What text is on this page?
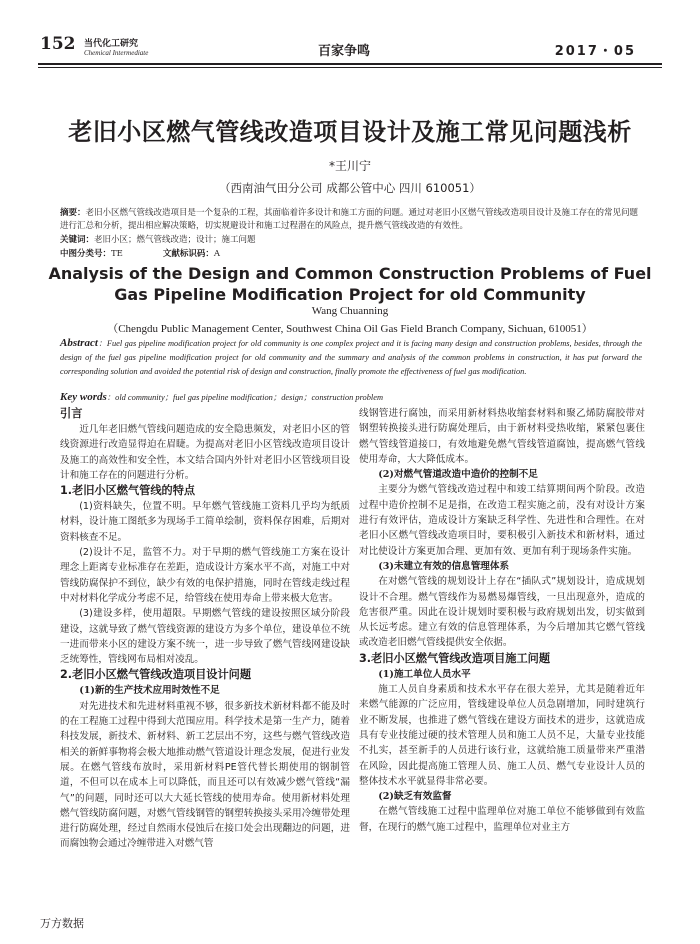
152 当代化工研究
Chemical Intermediate	百家争鸣	2017・05
老旧小区燃气管线改造项目设计及施工常见问题浅析
*王川宁
（西南油气田分公司 成都公管中心 四川 610051）
摘要：老旧小区燃气管线改造项目是一个复杂的工程，其面临着许多设计和施工方面的问题。通过对老旧小区燃气管线改造项目设计及施工存在的常见问题进行汇总和分析，提出相应解决策略，切实规避设计和施工过程潜在的风险点，提升燃气管线改造的有效性。
关键词：老旧小区；燃气管线改造；设计；施工问题
中图分类号：TE	文献标识码：A
Analysis of the Design and Common Construction Problems of Fuel Gas Pipeline Modification Project for old Community
Wang Chuanning
（Chengdu Public Management Center, Southwest China Oil Gas Field Branch Company, Sichuan, 610051）
Abstract：Fuel gas pipeline modification project for old community is one complex project and it is facing many design and construction problems, besides, through the design of the fuel gas pipeline modification project for old community and the summary and analysis of the common problems in construction, it has put forward the corresponding solution and avoided the potential risk of design and construction, finally promote the effectiveness of fuel gas modification.
Key words：old community；fuel gas pipeline modification；design；construction problem
引言

近几年老旧燃气管线问题造成的安全隐患频发，对老旧小区的管线资源进行改造显得迫在眉睫。为提高对老旧小区管线改造项目设计及施工的高效性和安全性，本文结合国内外针对老旧小区管线项目设计和施工存在的问题进行分析。

1.老旧小区燃气管线的特点

(1)资料缺失，位置不明。早年燃气管线施工资料几乎均为纸质材料，设计施工图纸多为现场手工简单绘制，资料保存困难，后期对资料核查不足。

(2)设计不足，监管不力。对于早期的燃气管线施工方案在设计理念上距离专业标准存在差距，造成设计方案水平不高，对施工中对管线防腐保护不到位，缺少有效的电保护措施，同时在管线走线过程中对材料化学成分考虑不足，给管线在使用寿命上带来极大危害。

(3)建设多样，使用超限。早期燃气管线的建设按照区域分阶段建设，这就导致了燃气管线资源的建设方为多个单位，建设单位不统一进而带来小区的建设方案不统一，进一步导致了燃气管线网建设缺乏统筹性，管线网布局相对凌乱。

2.老旧小区燃气管线改造项目设计问题
(1)新的生产技术应用时效性不足

对先进技术和先进材料重视不够，很多新技术新材料都不能及时的在工程施工过程中得到大范围应用。科学技术是第一生产力，随着科技发展，新技术、新材料、新工艺层出不穷，这些与燃气管线改造相关的新鲜事物将会极大地推动燃气管道设计理念发展，促进行业发展。在燃气管线布放时，采用新材料PE管代替长期使用的钢制管道，不但可以在成本上可以降低，而且还可以有效减少燃气管线“漏气”的问题，同时还可以大大延长管线的使用寿命。使用新材料处理燃气管线防腐问题，对燃气管线钢管的钢塑转换接头采用冷缠带处理进行防腐处理，经过自然雨水侵蚀后在接口处会出现翻边的问题，进而腐蚀物会通过冷缠带进入对燃气管

线钢管进行腐蚀，而采用新材料热收缩套材料和聚乙烯防腐胶带对钢塑转换接头进行防腐处理后，由于新材料受热收缩，紧紧包裹住燃气管线管道接口，有效地避免燃气管线管道腐蚀，提高燃气管线使用寿命，大大降低成本。

(2)对燃气管道改造中造价的控制不足

主要分为燃气管线改造过程中和竣工结算期间两个阶段。改造过程中造价控制不足是指，在改造工程实施之前，没有对设计方案进行有效评估，造成设计方案缺乏科学性、先进性和合理性。在对老旧小区燃气管线改造项目时，要积极引入新技术和新材料，通过对比使设计方案更加合理、更加有效、更加有利于现场条件实施。

(3)未建立有效的信息管理体系

在对燃气管线的规划设计上存在“插队式”规划设计，造成规划设计不合理。燃气管线作为易燃易爆管线，一旦出现意外，造成的危害很严重。因此在设计规划时要积极与政府规划出发，切实做到从长远考虑。建立有效的信息管理体系，为今后增加其它燃气管线或改造老旧燃气管线提供安全依据。

3.老旧小区燃气管线改造项目施工问题
(1)施工单位人员水平

施工人员自身素质和技术水平存在很大差异，尤其是随着近年来燃气能源的广泛应用，管线建设单位人员急剧增加，同时建筑行业不断发展，也推进了燃气管线在建设方面技术的进步，这就造成具有专业技能过硬的技术管理人员和施工人员不足，大量专业技能不扎实，甚至新手的人员进行该行业，这就给施工质量带来严重潜在风险，因此提高施工管理人员、施工人员、燃气专业设计人员的整体技术水平就显得非常必要。

(2)缺乏有效监督

在燃气管线施工过程中监理单位对施工单位不能够做到有效监督，在现行的燃气施工过程中，监理单位对业主方

万方数据
